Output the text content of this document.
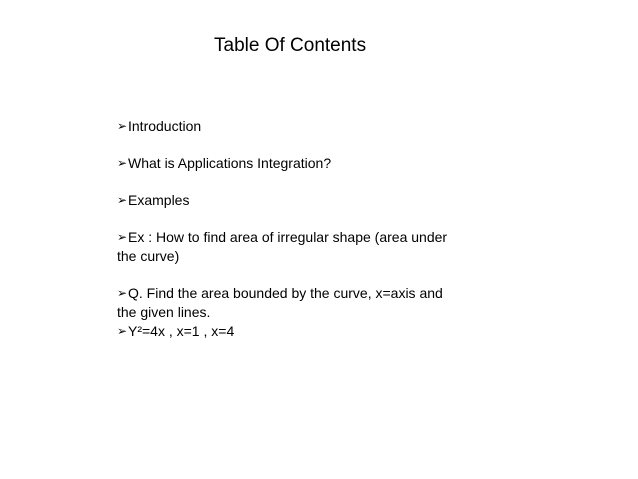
Table Of Contents
➢ Introduction
➢ What is Applications Integration?
➢ Examples
➢ Ex : How to find area of irregular shape (area under
the curve)
➢ Q. Find the area bounded by the curve, x=axis and
the given lines.
➢ Y²=4x , x=1 , x=4
